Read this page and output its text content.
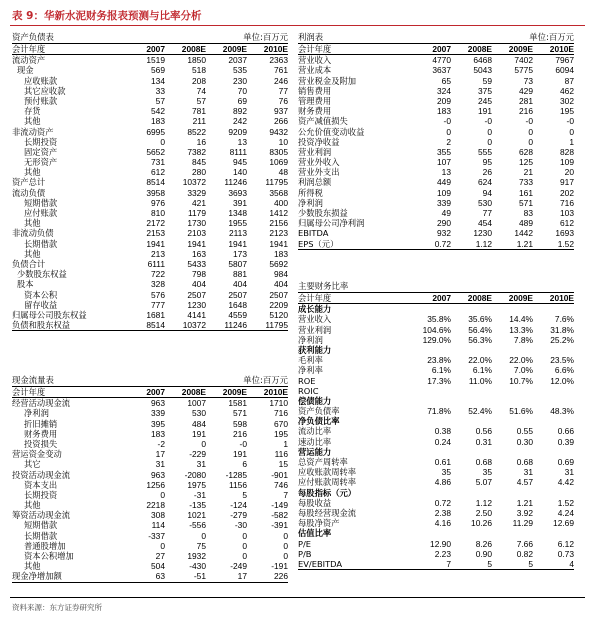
表 9：华新水泥财务报表预测与比率分析
资产负债表	单位:百万元
会计年度	2007	2008E	2009E	2010E
流动资产	1519	1850	2037	2363
现金	569	518	535	761
应收账款	134	208	230	246
其它应收款	33	74	70	77
预付账款	57	57	69	76
存货	542	781	892	937
其他	183	211	242	266
非流动资产	6995	8522	9209	9432
长期投资	0	16	13	10
固定资产	5652	7382	8111	8305
无形资产	731	845	945	1069
其他	612	280	140	48
资产总计	8514	10372	11246	11795
流动负债	3958	3329	3693	3568
短期借款	976	421	391	400
应付账款	810	1179	1348	1412
其他	2172	1730	1955	2156
非流动负债	2153	2103	2113	2123
长期借款	1941	1941	1941	1941
其他	213	163	173	183
负债合计	6111	5433	5807	5692
少数股东权益	722	798	881	984
股本	328	404	404	404
资本公积	576	2507	2507	2507
留存收益	777	1230	1648	2209
归属母公司股东权益	1681	4141	4559	5120
负债和股东权益	8514	10372	11246	11795
现金流量表	单位:百万元
会计年度	2007	2008E	2009E	2010E
经营活动现金流	963	1007	1581	1710
净利润	339	530	571	716
折旧摊销	395	484	598	670
财务费用	183	191	216	195
投资损失	-2	0	-0	1
营运资金变动	17	-229	191	116
其它	31	31	6	15
投资活动现金流	963	-2080	-1285	-901
资本支出	1256	1975	1156	746
长期投资	0	-31	5	7
其他	2218	-135	-124	-149
筹资活动现金流	308	1021	-279	-582
短期借款	114	-556	-30	-391
长期借款	-337	0	0	0
普通股增加	0	75	0	0
资本公积增加	27	1932	0	0
其他	504	-430	-249	-191
现金净增加额	63	-51	17	226
利润表	单位:百万元
会计年度	2007	2008E	2009E	2010E
营业收入	4770	6468	7402	7967
营业成本	3637	5043	5775	6094
营业税金及附加	65	59	73	87
销售费用	324	375	429	462
管理费用	209	245	281	302
财务费用	183	191	216	195
资产减值损失	-0	-0	-0	-0
公允价值变动收益	0	0	0	0
投资净收益	2	0	0	1
营业利润	355	555	628	828
营业外收入	107	95	125	109
营业外支出	13	26	21	20
利润总额	449	624	733	917
所得税	109	94	161	202
净利润	339	530	571	716
少数股东损益	49	77	83	103
归属母公司净利润	290	454	489	612
EBITDA	932	1230	1442	1693
EPS（元）	0.72	1.12	1.21	1.52
主要财务比率
会计年度	2007	2008E	2009E	2010E
成长能力
营业收入	35.8%	35.6%	14.4%	7.6%
营业利润	104.6%	56.4%	13.3%	31.8%
净利润	129.0%	56.3%	7.8%	25.2%
获利能力
毛利率	23.8%	22.0%	22.0%	23.5%
净利率	6.1%	6.1%	7.0%	6.6%
ROE	17.3%	11.0%	10.7%	12.0%
ROIC
偿债能力
资产负债率	71.8%	52.4%	51.6%	48.3%
净负债比率
流动比率	0.38	0.56	0.55	0.66
速动比率	0.24	0.31	0.30	0.39
营运能力
总资产周转率	0.61	0.68	0.68	0.69
应收账款周转率	35	35	31	31
应付账款周转率	4.86	5.07	4.57	4.42
每股指标（元）
每股收益	0.72	1.12	1.21	1.52
每股经营现金流	2.38	2.50	3.92	4.24
每股净资产	4.16	10.26	11.29	12.69
估值比率
P/E	12.90	8.26	7.66	6.12
P/B	2.23	0.90	0.82	0.73
EV/EBITDA	7	5	5	4
资料来源：东方证券研究所
